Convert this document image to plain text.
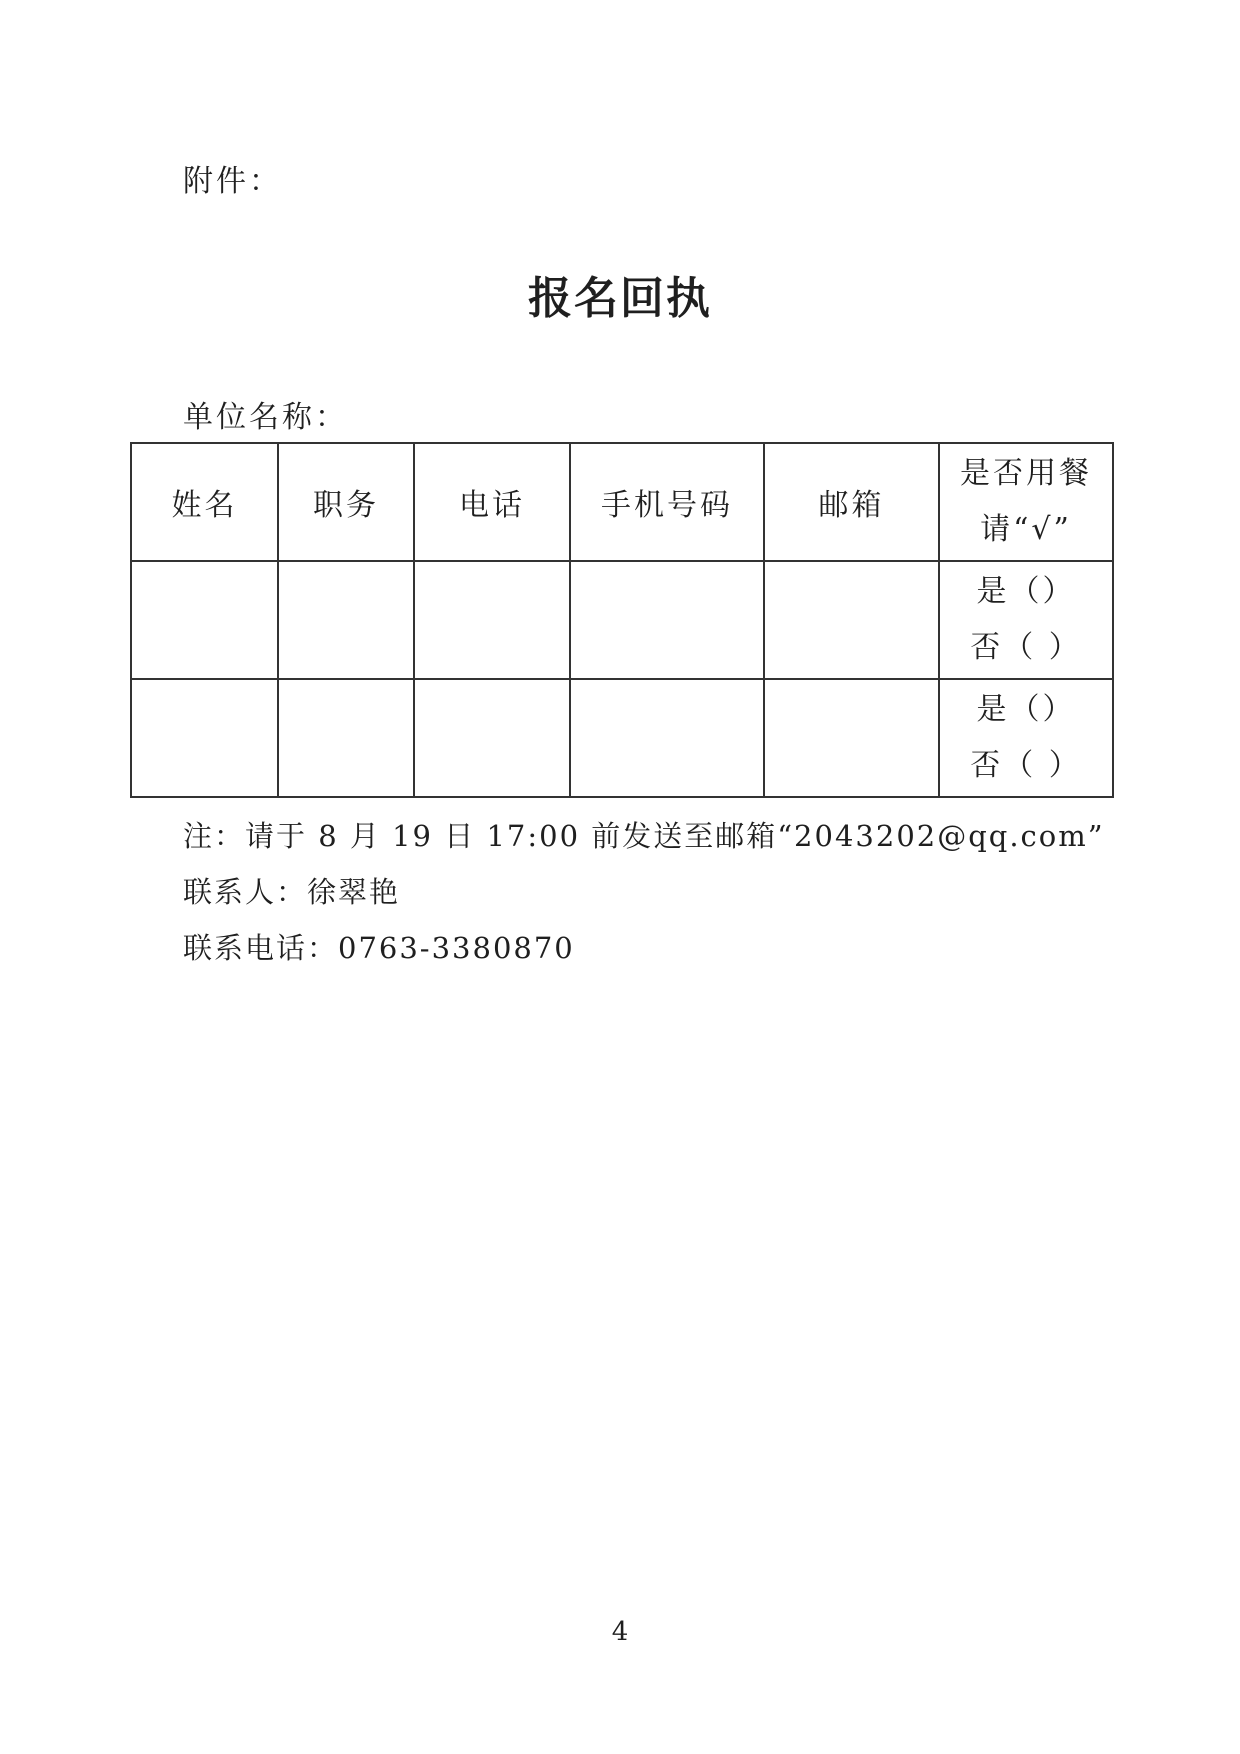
附件：
报名回执
单位名称：
姓名	职务	电话	手机号码	邮箱	是否用餐
请“√”

					是（）
否（ ）

					是（）
否（ ）

注：请于 8 月 19 日 17:00 前发送至邮箱“2043202@qq.com”

联系人：徐翠艳

联系电话：0763-3380870

4
